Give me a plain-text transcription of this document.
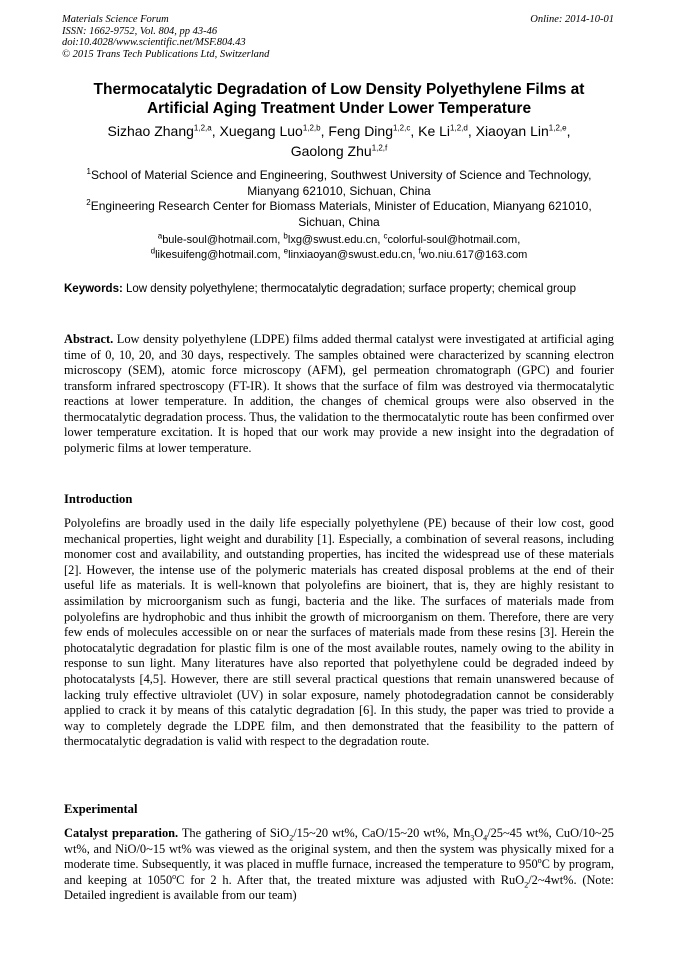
Materials Science Forum
ISSN: 1662-9752, Vol. 804, pp 43-46
doi:10.4028/www.scientific.net/MSF.804.43
© 2015 Trans Tech Publications Ltd, Switzerland
Online: 2014-10-01
Thermocatalytic Degradation of Low Density Polyethylene Films at
Artificial Aging Treatment Under Lower Temperature
Sizhao Zhang$^{1,2,a}$, Xuegang Luo$^{1,2,b}$, Feng Ding$^{1,2,c}$, Ke Li$^{1,2,d}$, Xiaoyan Lin$^{1,2,e}$,
Gaolong Zhu$^{1,2,f}$
$^1$School of Material Science and Engineering, Southwest University of Science and Technology,
Mianyang 621010, Sichuan, China
$^2$Engineering Research Center for Biomass Materials, Minister of Education, Mianyang 621010,
Sichuan, China
$^a$bule-soul@hotmail.com, $^b$lxg@swust.edu.cn, $^c$colorful-soul@hotmail.com,
$^d$likesuifeng@hotmail.com, $^e$linxiaoyan@swust.edu.cn, $^f$wo.niu.617@163.com
Keywords: Low density polyethylene; thermocatalytic degradation; surface property; chemical group
Abstract. Low density polyethylene (LDPE) films added thermal catalyst were investigated at artificial aging time of 0, 10, 20, and 30 days, respectively. The samples obtained were characterized by scanning electron microscopy (SEM), atomic force microscopy (AFM), gel permeation chromatograph (GPC) and fourier transform infrared spectroscopy (FT-IR). It shows that the surface of film was destroyed via thermocatalytic reactions at lower temperature. In addition, the changes of chemical groups were also observed in the thermocatalytic degradation process. Thus, the validation to the thermocatalytic route has been confirmed over lower temperature excitation. It is hoped that our work may provide a new insight into the degradation of polymeric films at lower temperature.
Introduction
Polyolefins are broadly used in the daily life especially polyethylene (PE) because of their low cost, good mechanical properties, light weight and durability [1]. Especially, a combination of several reasons, including monomer cost and availability, and outstanding properties, has incited the widespread use of these materials [2]. However, the intense use of the polymeric materials has created disposal problems at the end of their useful life as materials. It is well-known that polyolefins are bioinert, that is, they are highly resistant to assimilation by microorganism such as fungi, bacteria and the like. The surfaces of materials made from polyolefins are hydrophobic and thus inhibit the growth of microorganism on them. Therefore, there are very few ends of molecules accessible on or near the surfaces of materials made from these resins [3]. Herein the photocatalytic degradation for plastic film is one of the most available routes, namely owing to the ability in response to sun light. Many literatures have also reported that polyethylene could be degraded indeed by photocatalysts [4,5]. However, there are still several practical questions that remain unanswered because of lacking truly effective ultraviolet (UV) in solar exposure, namely photodegradation cannot be considerably applied to crack it by means of this catalytic degradation [6]. In this study, the paper was tried to provide a way to completely degrade the LDPE film, and then demonstrated that the feasibility to the pattern of thermocatalytic degradation is valid with respect to the degradation route.
Experimental
Catalyst preparation. The gathering of SiO$_2$/15~20 wt%, CaO/15~20 wt%, $Mn_3O_4/25\sim 45$ wt%, CuO/10~25 wt%, and NiO/0~15 wt% was viewed as the original system, and then the system was physically mixed for a moderate time. Subsequently, it was placed in muffle furnace, increased the temperature to 950$^o$C by program, and keeping at 1050$^o$C for 2 h. After that, the treated mixture was adjusted with RuO$_2$/2~4wt%. (Note: Detailed ingredient is available from our team)
